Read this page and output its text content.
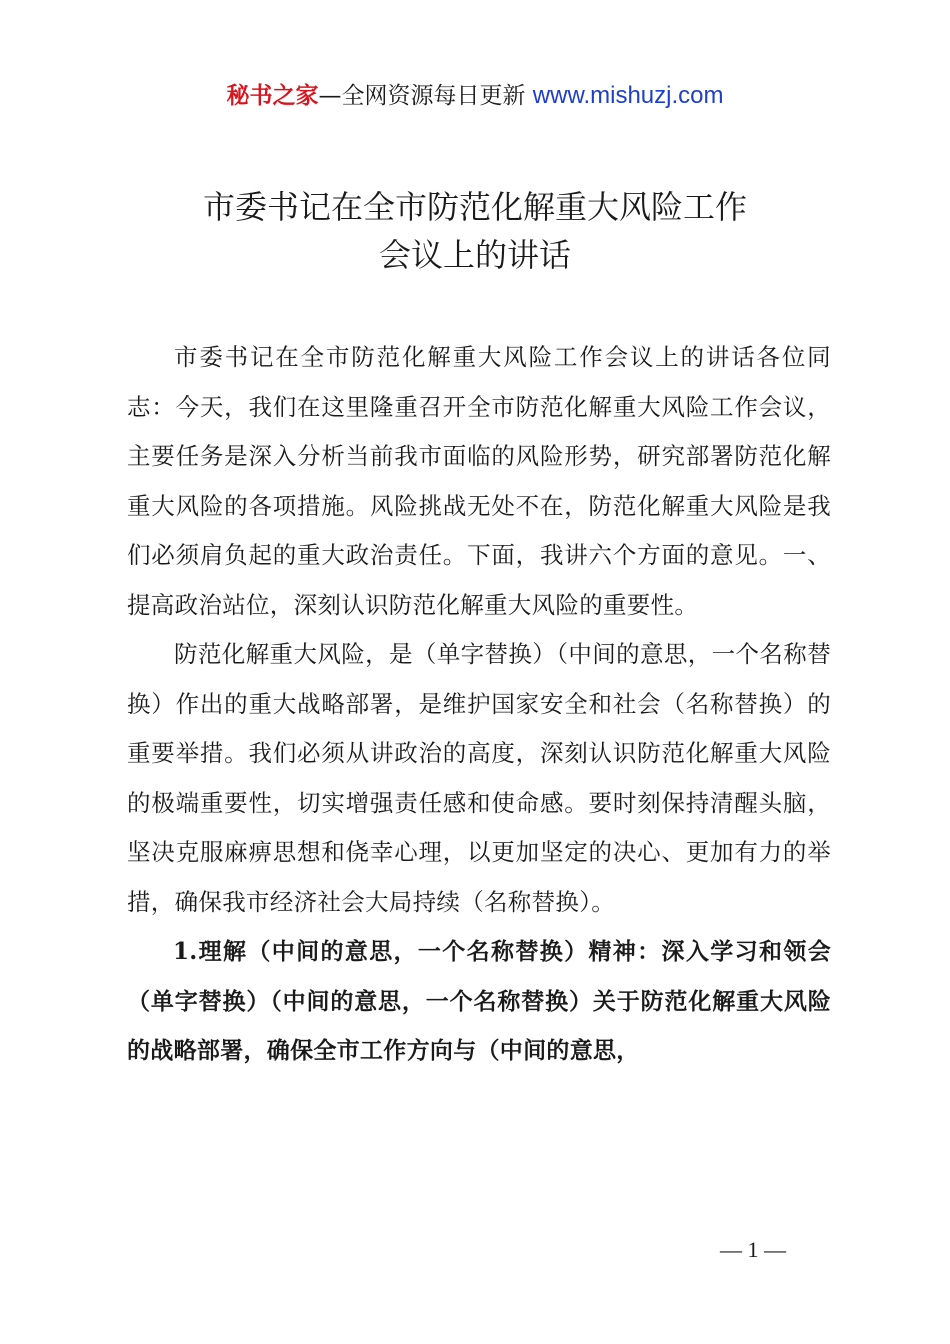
秘书之家—全网资源每日更新 www.mishuzj.com
市委书记在全市防范化解重大风险工作
会议上的讲话

市委书记在全市防范化解重大风险工作会议上的讲话各位同志：今天，我们在这里隆重召开全市防范化解重大风险工作会议，主要任务是深入分析当前我市面临的风险形势，研究部署防范化解重大风险的各项措施。风险挑战无处不在，防范化解重大风险是我们必须肩负起的重大政治责任。下面，我讲六个方面的意见。一、提高政治站位，深刻认识防范化解重大风险的重要性。

防范化解重大风险，是（单字替换）（中间的意思，一个名称替换）作出的重大战略部署，是维护国家安全和社会（名称替换）的重要举措。我们必须从讲政治的高度，深刻认识防范化解重大风险的极端重要性，切实增强责任感和使命感。要时刻保持清醒头脑，坚决克服麻痹思想和侥幸心理，以更加坚定的决心、更加有力的举措，确保我市经济社会大局持续（名称替换）。

1.理解（中间的意思，一个名称替换）精神：深入学习和领会（单字替换）（中间的意思，一个名称替换）关于防范化解重大风险的战略部署，确保全市工作方向与（中间的意思，

— 1 —
